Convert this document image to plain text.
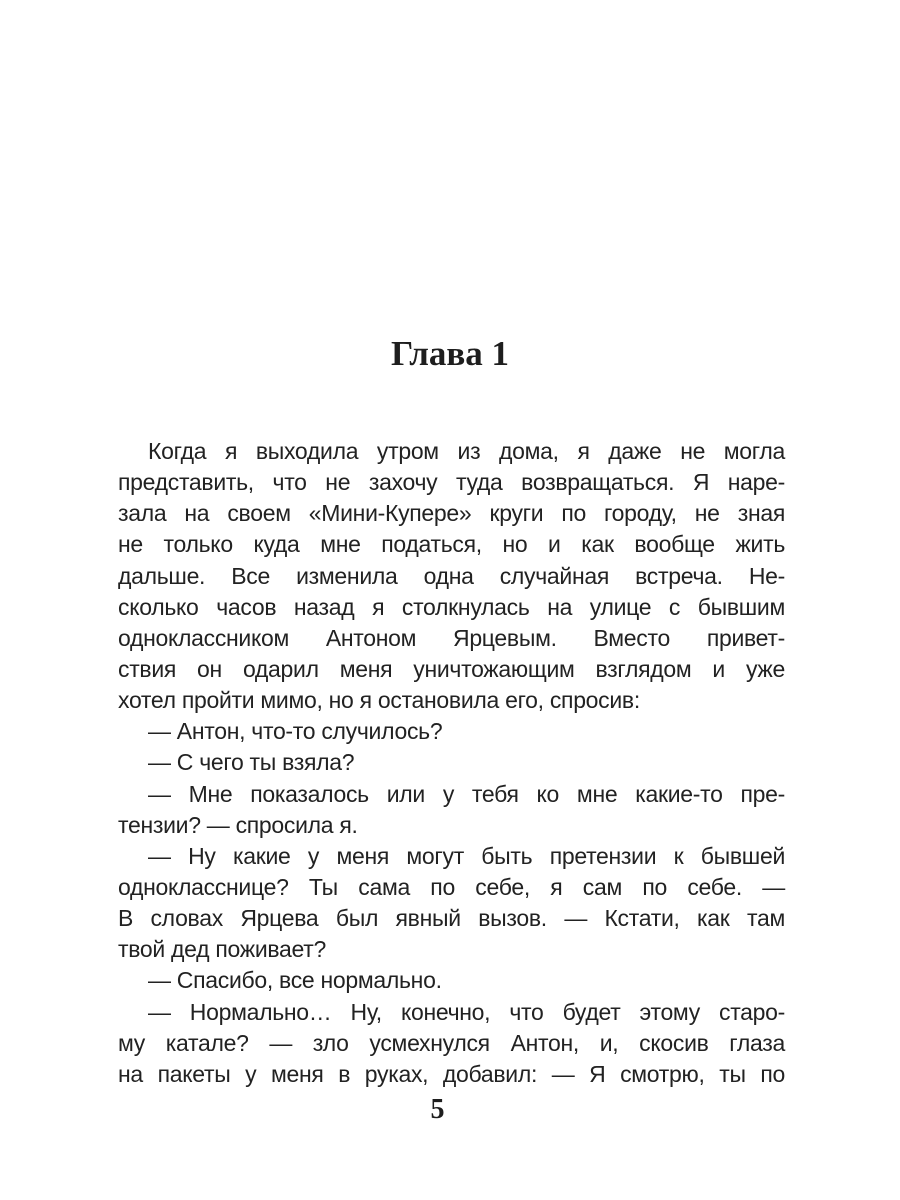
Глава 1
Когда я выходила утром из дома, я даже не могла
представить, что не захочу туда возвращаться. Я наре-
зала на своем «Мини-Купере» круги по городу, не зная
не только куда мне податься, но и как вообще жить
дальше. Все изменила одна случайная встреча. Не-
сколько часов назад я столкнулась на улице с бывшим
одноклассником Антоном Ярцевым. Вместо привет-
ствия он одарил меня уничтожающим взглядом и уже
хотел пройти мимо, но я остановила его, спросив:
— Антон, что-то случилось?
— С чего ты взяла?
— Мне показалось или у тебя ко мне какие-то пре-
тензии? — спросила я.
— Ну какие у меня могут быть претензии к бывшей
однокласснице? Ты сама по себе, я сам по себе. —
В словах Ярцева был явный вызов. — Кстати, как там
твой дед поживает?
— Спасибо, все нормально.
— Нормально… Ну, конечно, что будет этому старо-
му катале? — зло усмехнулся Антон, и, скосив глаза
на пакеты у меня в руках, добавил: — Я смотрю, ты по
5
